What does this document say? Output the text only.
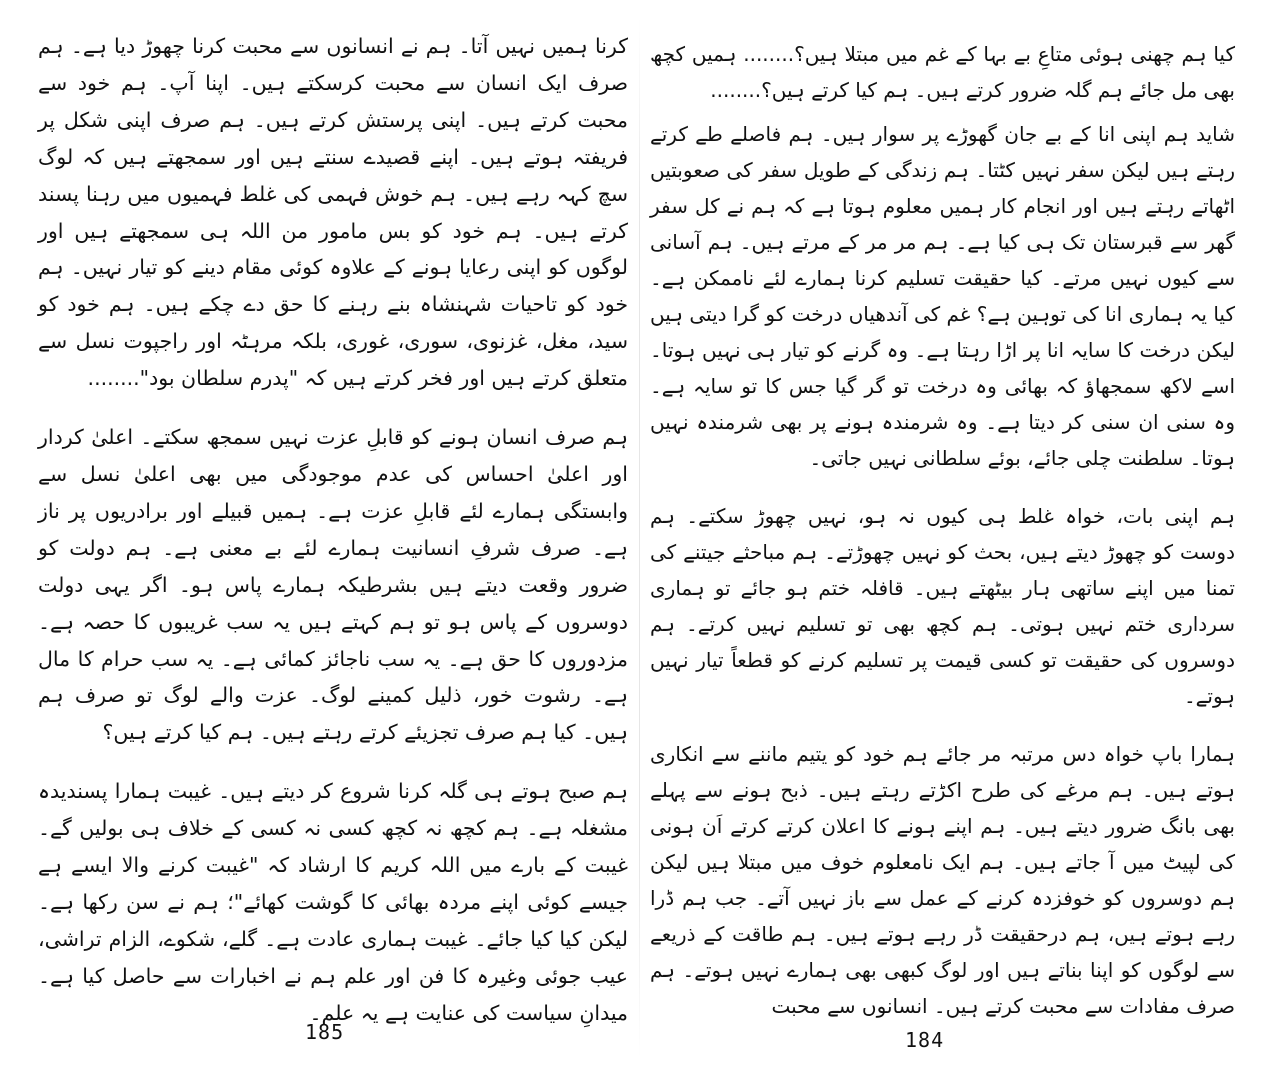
کرنا ہمیں نہیں آتا۔ ہم نے انسانوں سے محبت کرنا چھوڑ دیا ہے۔ ہم صرف ایک انسان سے محبت کرسکتے ہیں۔ اپنا آپ۔ ہم خود سے محبت کرتے ہیں۔ اپنی پرستش کرتے ہیں۔ ہم صرف اپنی شکل پر فریفتہ ہوتے ہیں۔ اپنے قصیدے سنتے ہیں اور سمجھتے ہیں کہ لوگ سچ کہہ رہے ہیں۔ ہم خوش فہمی کی غلط فہمیوں میں رہنا پسند کرتے ہیں۔ ہم خود کو بس مامور من اللہ ہی سمجھتے ہیں اور لوگوں کو اپنی رعایا ہونے کے علاوہ کوئی مقام دینے کو تیار نہیں۔ ہم خود کو تاحیات شہنشاہ بنے رہنے کا حق دے چکے ہیں۔ ہم خود کو سید، مغل، غزنوی، سوری، غوری، بلکہ مرہٹہ اور راجپوت نسل سے متعلق کرتے ہیں اور فخر کرتے ہیں کہ "پدرم سلطان بود"........

ہم صرف انسان ہونے کو قابلِ عزت نہیں سمجھ سکتے۔ اعلیٰ کردار اور اعلیٰ احساس کی عدم موجودگی میں بھی اعلیٰ نسل سے وابستگی ہمارے لئے قابلِ عزت ہے۔ ہمیں قبیلے اور برادریوں پر ناز ہے۔ صرف شرفِ انسانیت ہمارے لئے بے معنی ہے۔ ہم دولت کو ضرور وقعت دیتے ہیں بشرطیکہ ہمارے پاس ہو۔ اگر یہی دولت دوسروں کے پاس ہو تو ہم کہتے ہیں یہ سب غریبوں کا حصہ ہے۔ مزدوروں کا حق ہے۔ یہ سب ناجائز کمائی ہے۔ یہ سب حرام کا مال ہے۔ رشوت خور، ذلیل کمینے لوگ۔ عزت والے لوگ تو صرف ہم ہیں۔ کیا ہم صرف تجزیئے کرتے رہتے ہیں۔ ہم کیا کرتے ہیں؟

ہم صبح ہوتے ہی گلہ کرنا شروع کر دیتے ہیں۔ غیبت ہمارا پسندیدہ مشغلہ ہے۔ ہم کچھ نہ کچھ کسی نہ کسی کے خلاف ہی بولیں گے۔ غیبت کے بارے میں اللہ کریم کا ارشاد کہ "غیبت کرنے والا ایسے ہے جیسے کوئی اپنے مردہ بھائی کا گوشت کھائے"؛ ہم نے سن رکھا ہے۔ لیکن کیا کیا جائے۔ غیبت ہماری عادت ہے۔ گلے، شکوے، الزام تراشی، عیب جوئی وغیرہ کا فن اور علم ہم نے اخبارات سے حاصل کیا ہے۔ میدانِ سیاست کی عنایت ہے یہ علم۔

185

کیا ہم چھنی ہوئی متاعِ بے بہا کے غم میں مبتلا ہیں؟........ ہمیں کچھ بھی مل جائے ہم گلہ ضرور کرتے ہیں۔ ہم کیا کرتے ہیں؟........

شاید ہم اپنی انا کے بے جان گھوڑے پر سوار ہیں۔ ہم فاصلے طے کرتے رہتے ہیں لیکن سفر نہیں کٹتا۔ ہم زندگی کے طویل سفر کی صعوبتیں اٹھاتے رہتے ہیں اور انجام کار ہمیں معلوم ہوتا ہے کہ ہم نے کل سفر گھر سے قبرستان تک ہی کیا ہے۔ ہم مر مر کے مرتے ہیں۔ ہم آسانی سے کیوں نہیں مرتے۔ کیا حقیقت تسلیم کرنا ہمارے لئے ناممکن ہے۔ کیا یہ ہماری انا کی توہین ہے؟ غم کی آندھیاں درخت کو گرا دیتی ہیں لیکن درخت کا سایہ انا پر اڑا رہتا ہے۔ وہ گرنے کو تیار ہی نہیں ہوتا۔ اسے لاکھ سمجھاؤ کہ بھائی وہ درخت تو گر گیا جس کا تو سایہ ہے۔ وہ سنی ان سنی کر دیتا ہے۔ وہ شرمندہ ہونے پر بھی شرمندہ نہیں ہوتا۔ سلطنت چلی جائے، بوئے سلطانی نہیں جاتی۔

ہم اپنی بات، خواہ غلط ہی کیوں نہ ہو، نہیں چھوڑ سکتے۔ ہم دوست کو چھوڑ دیتے ہیں، بحث کو نہیں چھوڑتے۔ ہم مباحثے جیتنے کی تمنا میں اپنے ساتھی ہار بیٹھتے ہیں۔ قافلہ ختم ہو جائے تو ہماری سرداری ختم نہیں ہوتی۔ ہم کچھ بھی تو تسلیم نہیں کرتے۔ ہم دوسروں کی حقیقت تو کسی قیمت پر تسلیم کرنے کو قطعاً تیار نہیں ہوتے۔

ہمارا باپ خواہ دس مرتبہ مر جائے ہم خود کو یتیم ماننے سے انکاری ہوتے ہیں۔ ہم مرغے کی طرح اکڑتے رہتے ہیں۔ ذبح ہونے سے پہلے بھی بانگ ضرور دیتے ہیں۔ ہم اپنے ہونے کا اعلان کرتے کرتے اَن ہونی کی لپیٹ میں آ جاتے ہیں۔ ہم ایک نامعلوم خوف میں مبتلا ہیں لیکن ہم دوسروں کو خوفزدہ کرنے کے عمل سے باز نہیں آتے۔ جب ہم ڈرا رہے ہوتے ہیں، ہم درحقیقت ڈر رہے ہوتے ہیں۔ ہم طاقت کے ذریعے سے لوگوں کو اپنا بناتے ہیں اور لوگ کبھی بھی ہمارے نہیں ہوتے۔ ہم صرف مفادات سے محبت کرتے ہیں۔ انسانوں سے محبت

184
